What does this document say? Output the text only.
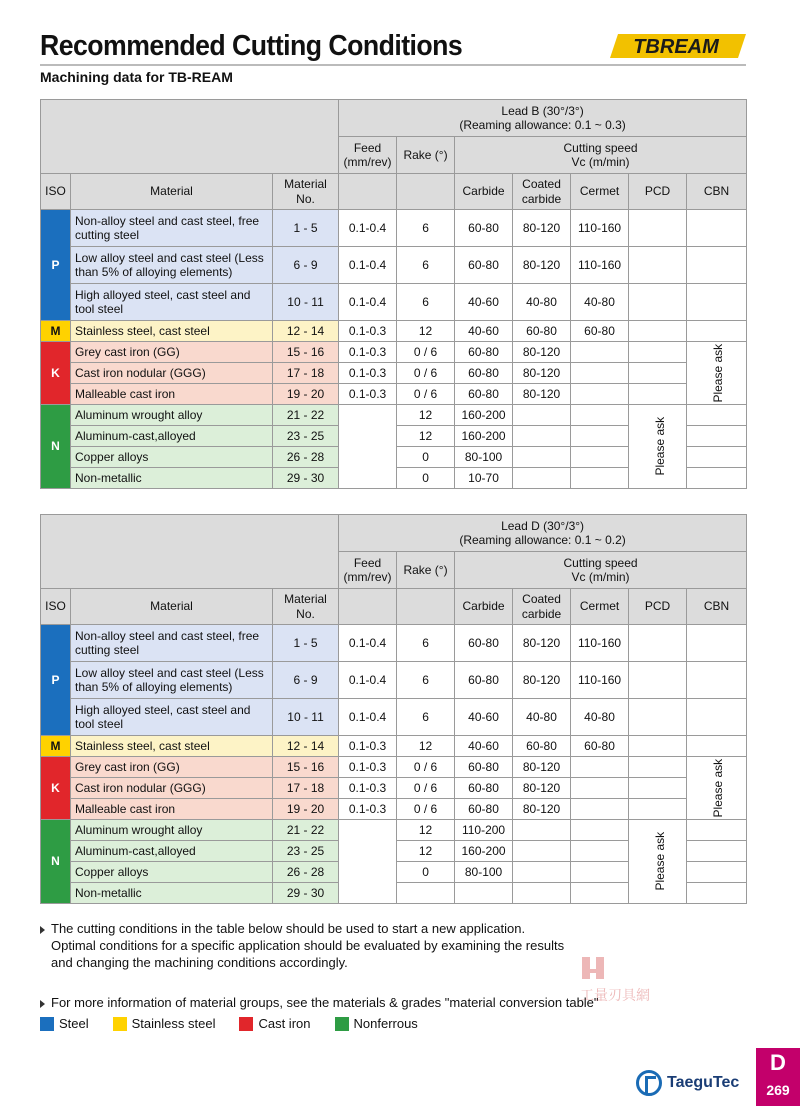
Recommended Cutting Conditions
Machining data for TB-REAM
TBREAM

			Lead B (30°/3°)
(Reaming allowance: 0.1 ~ 0.3)						

			Feed (mm/rev)	Rake (°)	Cutting speed
Vc (m/min)				

ISO	Material	Material No.			Carbide	Coated carbide	Cermet	PCD	CBN
P	Non-alloy steel and cast steel, free cutting steel	1 - 5	0.1-0.4	6	60-80	80-120	110-160		
	Low alloy steel and cast steel (Less than 5% of alloying elements)	6 - 9	0.1-0.4	6	60-80	80-120	110-160		
	High alloyed steel, cast steel and tool steel	10 - 11	0.1-0.4	6	40-60	40-80	40-80		
M	Stainless steel, cast steel	12 - 14	0.1-0.3	12	40-60	60-80	60-80		
K	Grey cast iron (GG)	15 - 16	0.1-0.3	0 / 6	60-80	80-120			Please ask
	Cast iron nodular (GGG)	17 - 18	0.1-0.3	0 / 6	60-80	80-120			
	Malleable cast iron	19 - 20	0.1-0.3	0 / 6	60-80	80-120			
N	Aluminum wrought alloy	21 - 22		12	160-200			Please ask	
	Aluminum-cast,alloyed	23 - 25		12	160-200				
	Copper alloys	26 - 28		0	80-100				
	Non-metallic	29 - 30		0	10-70				

			Lead D (30°/3°)
(Reaming allowance: 0.1 ~ 0.2)						

			Feed (mm/rev)	Rake (°)	Cutting speed
Vc (m/min)				

ISO	Material	Material No.			Carbide	Coated carbide	Cermet	PCD	CBN
P	Non-alloy steel and cast steel, free cutting steel	1 - 5	0.1-0.4	6	60-80	80-120	110-160		
	Low alloy steel and cast steel (Less than 5% of alloying elements)	6 - 9	0.1-0.4	6	60-80	80-120	110-160		
	High alloyed steel, cast steel and tool steel	10 - 11	0.1-0.4	6	40-60	40-80	40-80		
M	Stainless steel, cast steel	12 - 14	0.1-0.3	12	40-60	60-80	60-80		
K	Grey cast iron (GG)	15 - 16	0.1-0.3	0 / 6	60-80	80-120			Please ask
	Cast iron nodular (GGG)	17 - 18	0.1-0.3	0 / 6	60-80	80-120			
	Malleable cast iron	19 - 20	0.1-0.3	0 / 6	60-80	80-120			
N	Aluminum wrought alloy	21 - 22		12	110-200			Please ask	
	Aluminum-cast,alloyed	23 - 25		12	160-200				
	Copper alloys	26 - 28		0	80-100				
	Non-metallic	29 - 30							
The cutting conditions in the table below should be used to start a new application.
Optimal conditions for a specific application should be evaluated by examining the results
and changing the machining conditions accordingly.
For more information of material groups, see the materials & grades "material conversion table"
Steel	Stainless steel	Cast iron	Nonferrous
工量刃具網
TaeguTec
D
269
